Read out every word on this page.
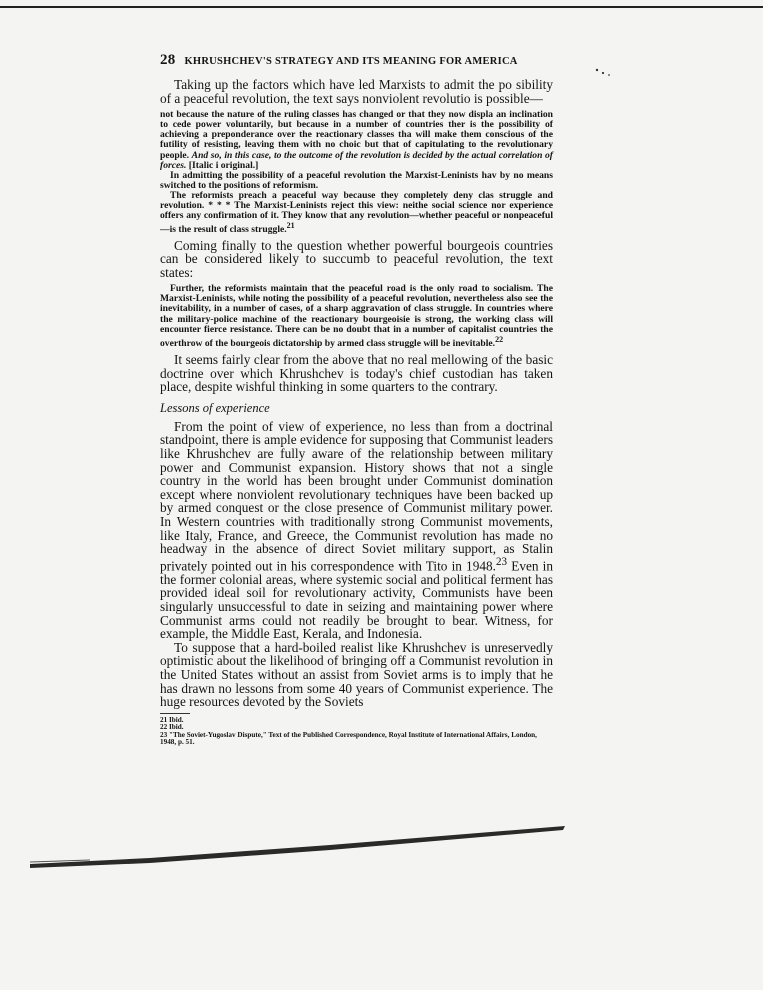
28 KHRUSHCHEV'S STRATEGY AND ITS MEANING FOR AMERICA

Taking up the factors which have led Marxists to admit the po sibility of a peaceful revolution, the text says nonviolent revolutio is possible—

not because the nature of the ruling classes has changed or that they now displa an inclination to cede power voluntarily, but because in a number of countries ther is the possibility of achieving a preponderance over the reactionary classes tha will make them conscious of the futility of resisting, leaving them with no choic but that of capitulating to the revolutionary people. And so, in this case, to the outcome of the revolution is decided by the actual correlation of forces. [Italic i original.]

In admitting the possibility of a peaceful revolution the Marxist-Leninists hav by no means switched to the positions of reformism.

The reformists preach a peaceful way because they completely deny clas struggle and revolution. * * * The Marxist-Leninists reject this view: neithe social science nor experience offers any confirmation of it. They know that any revolution—whether peaceful or nonpeaceful—is the result of class struggle.$^{21}$

Coming finally to the question whether powerful bourgeois countries can be considered likely to succumb to peaceful revolution, the text states:

Further, the reformists maintain that the peaceful road is the only road to socialism. The Marxist-Leninists, while noting the possibility of a peaceful revolution, nevertheless also see the inevitability, in a number of cases, of a sharp aggravation of class struggle. In countries where the military-police machine of the reactionary bourgeoisie is strong, the working class will encounter fierce resistance. There can be no doubt that in a number of capitalist countries the overthrow of the bourgeois dictatorship by armed class struggle will be inevitable.$^{22}$

It seems fairly clear from the above that no real mellowing of the basic doctrine over which Khrushchev is today's chief custodian has taken place, despite wishful thinking in some quarters to the contrary.

Lessons of experience

From the point of view of experience, no less than from a doctrinal standpoint, there is ample evidence for supposing that Communist leaders like Khrushchev are fully aware of the relationship between military power and Communist expansion. History shows that not a single country in the world has been brought under Communist domination except where nonviolent revolutionary techniques have been backed up by armed conquest or the close presence of Communist military power. In Western countries with traditionally strong Communist movements, like Italy, France, and Greece, the Communist revolution has made no headway in the absence of direct Soviet military support, as Stalin privately pointed out in his correspondence with Tito in 1948.23 Even in the former colonial areas, where systemic social and political ferment has provided ideal soil for revolutionary activity, Communists have been singularly unsuccessful to date in seizing and maintaining power where Communist arms could not readily be brought to bear. Witness, for example, the Middle East, Kerala, and Indonesia.

To suppose that a hard-boiled realist like Khrushchev is unreservedly optimistic about the likelihood of bringing off a Communist revolution in the United States without an assist from Soviet arms is to imply that he has drawn no lessons from some 40 years of Communist experience. The huge resources devoted by the Soviets

21 Ibid.

22 Ibid.

23 "The Soviet-Yugoslav Dispute," Text of the Published Correspondence, Royal Institute of International Affairs, London, 1948, p. 51.
